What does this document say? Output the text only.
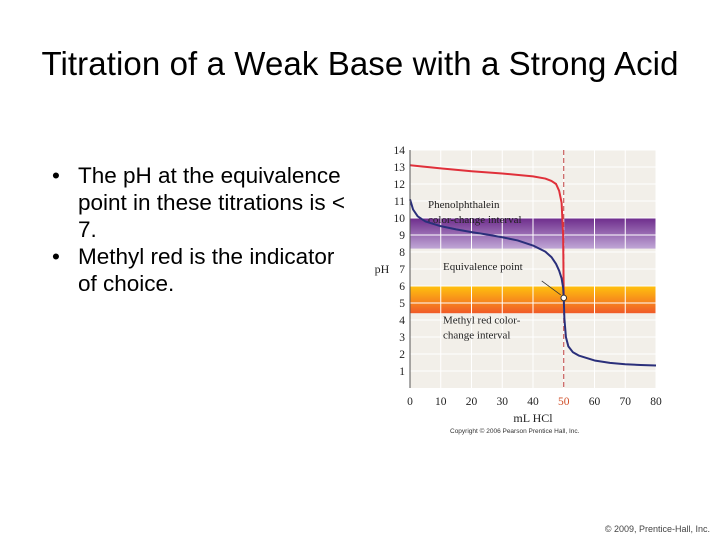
Titration of a Weak Base with a Strong Acid
• The pH at the equivalence point in these titrations is < 7.
• Methyl red is the indicator of choice.
Phenolphthalein
color-change interval
Methyl red color-
change interval
Equivalence point
1
2
3
4
5
6
7
8
9
10
11
12
13
14
0 10 20 30 40 50 60 70 80
pH
mL HCl
Copyright © 2006 Pearson Prentice Hall, Inc.
© 2009, Prentice-Hall, Inc.
